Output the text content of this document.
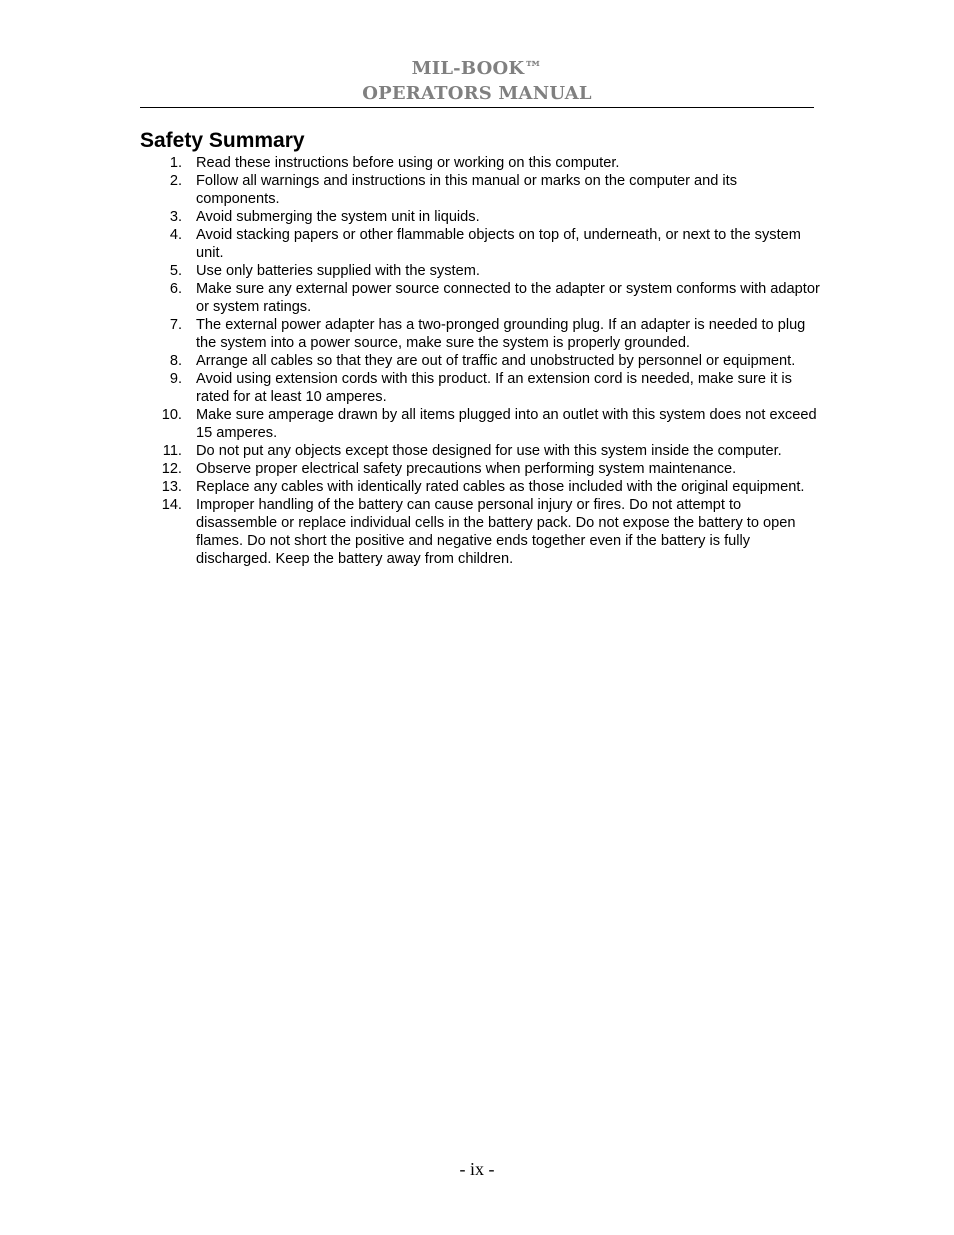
MIL-BOOK™
OPERATORS MANUAL
Safety Summary
1. Read these instructions before using or working on this computer.
2. Follow all warnings and instructions in this manual or marks on the computer and its components.
3. Avoid submerging the system unit in liquids.
4. Avoid stacking papers or other flammable objects on top of, underneath, or next to the system unit.
5. Use only batteries supplied with the system.
6. Make sure any external power source connected to the adapter or system conforms with adaptor or system ratings.
7. The external power adapter has a two-pronged grounding plug. If an adapter is needed to plug the system into a power source, make sure the system is properly grounded.
8. Arrange all cables so that they are out of traffic and unobstructed by personnel or equipment.
9. Avoid using extension cords with this product. If an extension cord is needed, make sure it is rated for at least 10 amperes.
10. Make sure amperage drawn by all items plugged into an outlet with this system does not exceed 15 amperes.
11. Do not put any objects except those designed for use with this system inside the computer.
12. Observe proper electrical safety precautions when performing system maintenance.
13. Replace any cables with identically rated cables as those included with the original equipment.
14. Improper handling of the battery can cause personal injury or fires. Do not attempt to disassemble or replace individual cells in the battery pack. Do not expose the battery to open flames. Do not short the positive and negative ends together even if the battery is fully discharged. Keep the battery away from children.
- ix -
